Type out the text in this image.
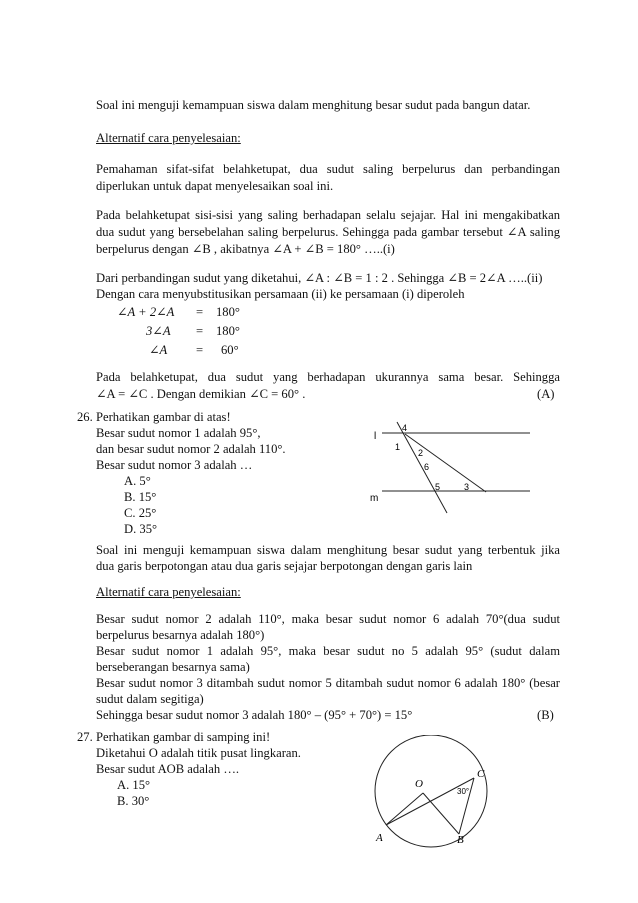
Soal ini menguji kemampuan siswa dalam menghitung besar sudut pada bangun datar.
Alternatif cara penyelesaian:
Pemahaman sifat-sifat belahketupat, dua sudut saling berpelurus dan perbandingan
diperlukan untuk dapat menyelesaikan soal ini.
Pada belahketupat sisi-sisi yang saling berhadapan selalu sejajar. Hal ini mengakibatkan
dua sudut yang bersebelahan saling berpelurus. Sehingga pada gambar tersebut ∠A saling
berpelurus dengan ∠B , akibatnya ∠A + ∠B = 180° …..(i)
Dari perbandingan sudut yang diketahui, ∠A : ∠B = 1 : 2 . Sehingga ∠B = 2∠A …..(ii)
Dengan cara menyubstitusikan persamaan (ii) ke persamaan (i) diperoleh
∠A + 2∠A = 180°
3∠A = 180°
∠A = 60°
Pada belahketupat, dua sudut yang berhadapan ukurannya sama besar. Sehingga
∠A = ∠C . Dengan demikian ∠C = 60° .	(A)
26. Perhatikan gambar di atas!
Besar sudut nomor 1 adalah 95°,
dan besar sudut nomor 2 adalah 110°.
Besar sudut nomor 3 adalah …
A. 5°
B. 15°
C. 25°
D. 35°
l
m
4
1
2
6
5	3
Soal ini menguji kemampuan siswa dalam menghitung besar sudut yang terbentuk jika
dua garis berpotongan atau dua garis sejajar berpotongan dengan garis lain
Alternatif cara penyelesaian:
Besar sudut nomor 2 adalah 110°, maka besar sudut nomor 6 adalah 70°(dua sudut
berpelurus besarnya adalah 180°)
Besar sudut nomor 1 adalah 95°, maka besar sudut no 5 adalah 95° (sudut dalam
berseberangan besarnya sama)
Besar sudut nomor 3 ditambah sudut nomor 5 ditambah sudut nomor 6 adalah 180° (besar
sudut dalam segitiga)
Sehingga besar sudut nomor 3 adalah 180° – (95° + 70°) = 15°	(B)
27. Perhatikan gambar di samping ini!
Diketahui O adalah titik pusat lingkaran.
Besar sudut AOB adalah ….
A. 15°
B. 30°
O
A	B
C
30°
